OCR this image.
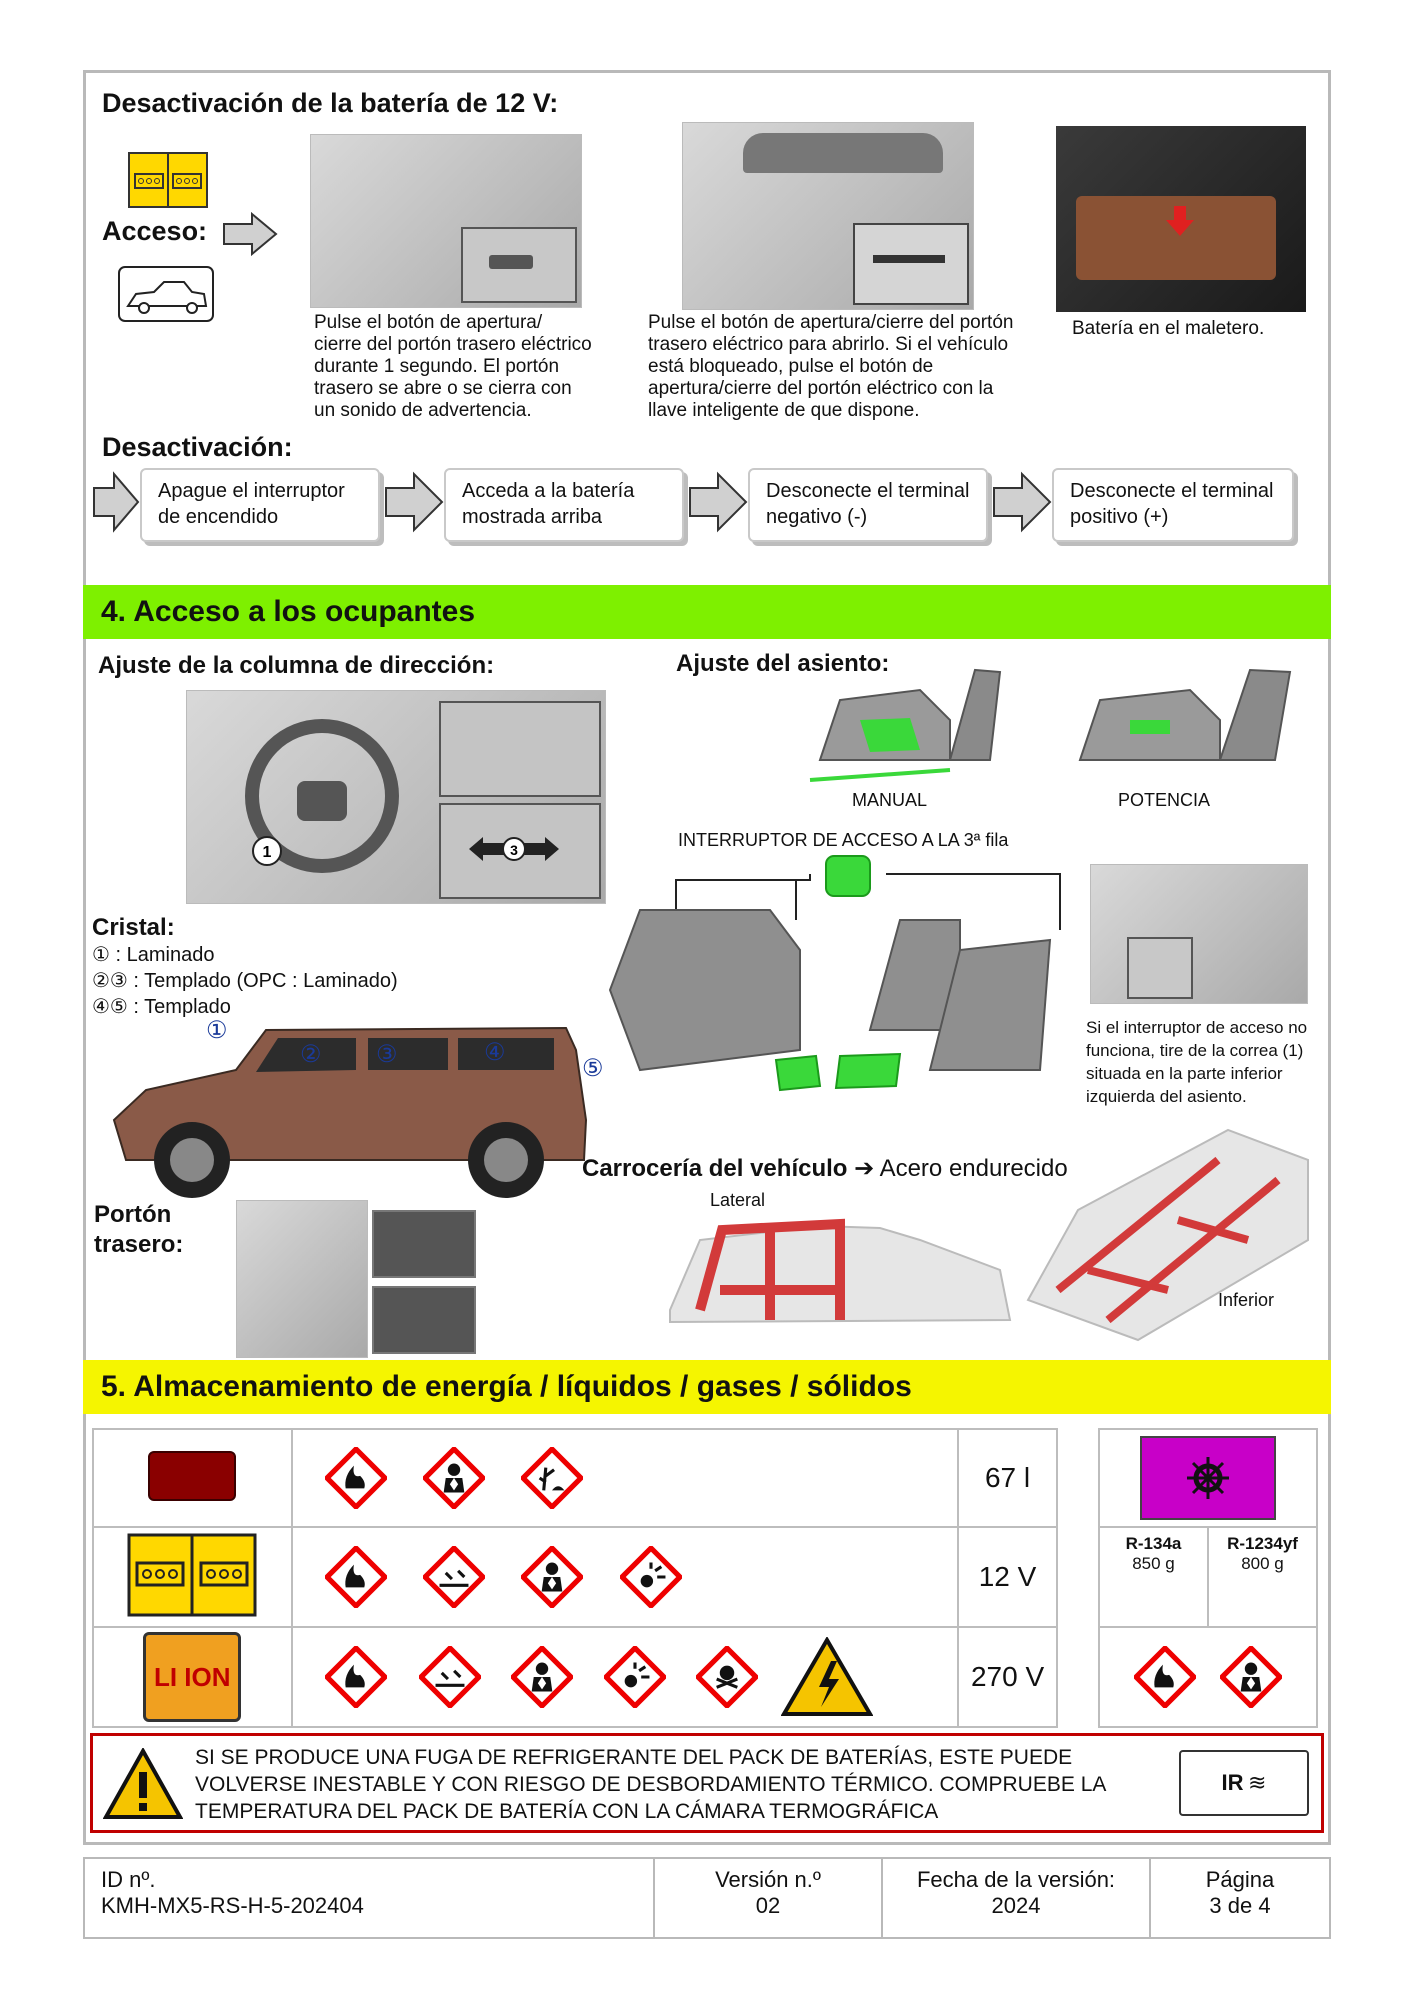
Desactivación de la batería de 12 V:
Acceso:
Pulse el botón de apertura/ cierre del portón trasero eléctrico durante 1 segundo. El portón trasero se abre o se cierra con un sonido de advertencia.
Pulse el botón de apertura/cierre del portón trasero eléctrico para abrirlo. Si el vehículo está bloqueado, pulse el botón de apertura/cierre del portón eléctrico con la llave inteligente de que dispone.
Batería en el maletero.
Desactivación:
Apague el interruptor de encendido
Acceda a la batería mostrada arriba
Desconecte el terminal negativo (-)
Desconecte el terminal positivo (+)
4. Acceso a los ocupantes
Ajuste de la columna de dirección:
1	3
Ajuste del asiento:
MANUAL	POTENCIA
INTERRUPTOR DE ACCESO A LA 3ª fila
Si el interruptor de acceso no funciona, tire de la correa (1) situada en la parte inferior izquierda del asiento.
Cristal:
① : Laminado
②③ : Templado (OPC : Laminado)
④⑤ : Templado
①
② ③	④
⑤
Portón trasero:
Carrocería del vehículo ➔ Acero endurecido
Lateral
Inferior
5. Almacenamiento de energía / líquidos / gases / sólidos
		67 l
		12 V
LI ION		270 V

R-134a
850 g

R-1234yf
800 g

SI SE PRODUCE UNA FUGA DE REFRIGERANTE DEL PACK DE BATERÍAS, ESTE PUEDE VOLVERSE INESTABLE Y CON RIESGO DE DESBORDAMIENTO TÉRMICO. COMPRUEBE LA TEMPERATURA DEL PACK DE BATERÍA CON LA CÁMARA TERMOGRÁFICA
IR ≋
ID nº.
KMH-MX5-RS-H-5-202404

Versión n.º
02

Fecha de la versión:
2024

Página
3 de 4
